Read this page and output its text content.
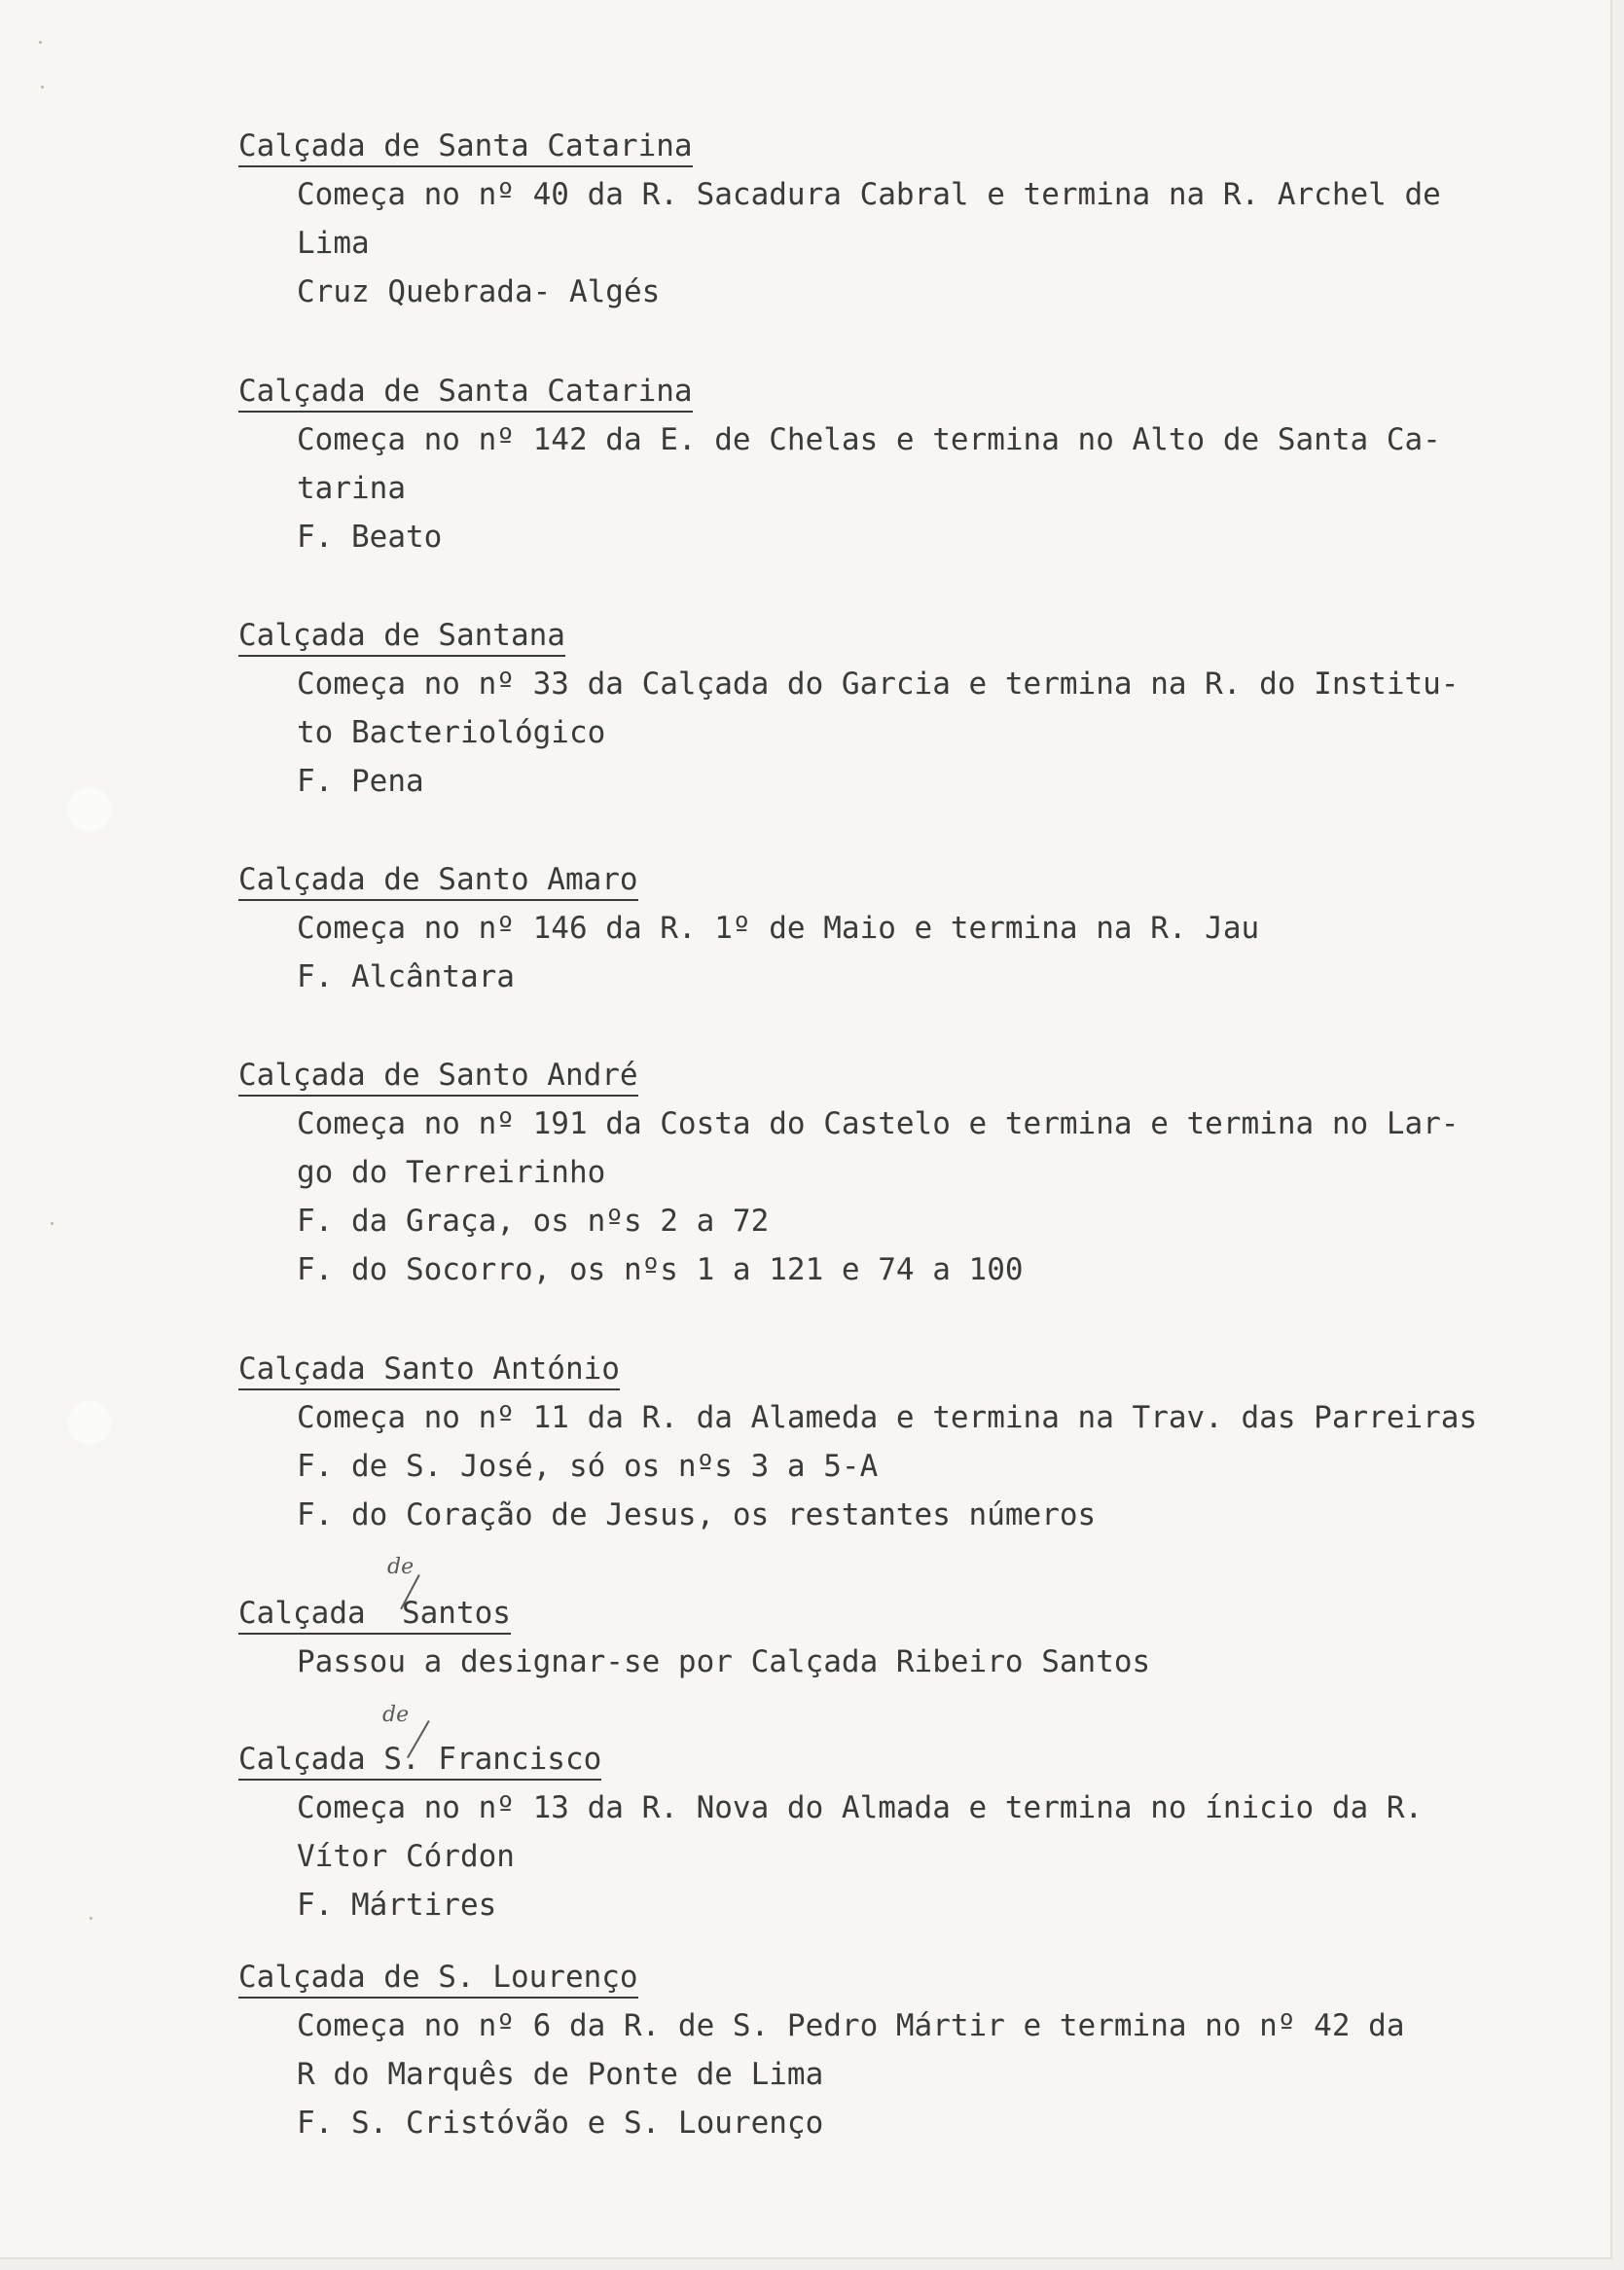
Calçada de Santa Catarina
Começa no nº 40 da R. Sacadura Cabral e termina na R. Archel de
Lima
Cruz Quebrada- Algés
Calçada de Santa Catarina
Começa no nº 142 da E. de Chelas e termina no Alto de Santa Ca-
tarina
F. Beato
Calçada de Santana
Começa no nº 33 da Calçada do Garcia e termina na R. do Institu-
to Bacteriológico
F. Pena
Calçada de Santo Amaro
Começa no nº 146 da R. 1º de Maio e termina na R. Jau
F. Alcântara
Calçada de Santo André
Começa no nº 191 da Costa do Castelo e termina e termina no Lar-
go do Terreirinho
F. da Graça, os nºs 2 a 72
F. do Socorro, os nºs 1 a 121 e 74 a 100
Calçada Santo António
Começa no nº 11 da R. da Alameda e termina na Trav. das Parreiras
F. de S. José, só os nºs 3 a 5-A
F. do Coração de Jesus, os restantes números
Calçada  Santos
de
Passou a designar-se por Calçada Ribeiro Santos
Calçada S. Francisco
de
Começa no nº 13 da R. Nova do Almada e termina no ínicio da R.
Vítor Córdon
F. Mártires
Calçada de S. Lourenço
Começa no nº 6 da R. de S. Pedro Mártir e termina no nº 42 da
R do Marquês de Ponte de Lima
F. S. Cristóvão e S. Lourenço
